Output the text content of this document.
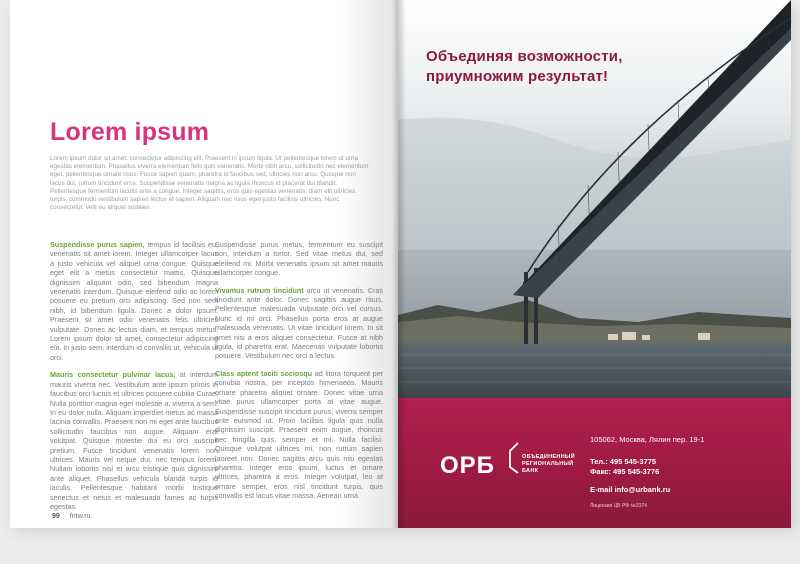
Lorem ipsum
Lorem ipsum dolor sit amet, consectetur adipiscing elit. Praesent in ipsum ligula. Ut pellentesque lorem ut urna egestas elementum. Phasellus viverra elementum felis quis venenatis. Morbi nibh arcu, sollicitudin nec elementum eget, pellentesque ornare risus. Fusce sapien quam, pharetra id faucibus sed, ultricies non arcu. Quisque non lacus dui, rutrum tincidunt eros. Suspendisse venenatis magna ac ligula rhoncus id placerat dui blandit. Pellentesque fermentum iaculis ante a congue. Integer sagittis, eros quis egestas venenatis, diam elit ultricies turpis, commodo vestibulum sapien lectus et sapien. Aliquam nec risus eget justo facilisis ultricies. Nunc consectetur, velit eu aliquet sodales.

Suspendisse purus sapien, tempus id facilisis eu, venenatis sit amet lorem. Integer ullamcorper lacus a justo vehicula vel aliquet urna congue. Quisque eget elit a metus consectetur mattis. Quisque dignissim aliquam odio, sed bibendum magna venenatis interdum. Quisque eleifend odio ac lorem posuere eu pretium orci adipiscing. Sed non sem nibh, id bibendum ligula. Donec a dolor ipsum. Praesent sit amet odio venenatis felis ultricies vulputate. Donec ac lectus diam, et tempus metus. Lorem ipsum dolor sit amet, consectetur adipiscing elit. In justo sem, interdum id convallis ut, vehicula ut orci.

Mauris consectetur pulvinar lacus, at interdum mauris viverra nec. Vestibulum ante ipsum primis in faucibus orci luctus et ultrices posuere cubilia Curae; Nulla porttitor magna eget molestie a, viverra a sem. In eu dolor nulla. Aliquam imperdiet metus ac massa lacinia convallis. Praesent non mi eget ante faucibus sollicitudin faucibus non augue. Aliquam erat volutpat. Quisque molestie dui eu orci suscipit pretium. Fusce tincidunt venenatis lorem non ultrices. Mauris vel neque dui, nec tempus lorem. Nullam lobortis nisl et arcu tristique quis dignissim ante aliquet. Phasellus vehicula blandit turpis id iaculis. Pellentesque habitant morbi tristique senectus et netus et malesuada fames ac turpis egestas.

Suspendisse purus metus, fermentum eu suscipit non, interdum a tortor. Sed vitae metus dui, sed eleifend mi. Morbi venenatis ipsum sit amet mauris ullamcorper congue.

Vivamus rutrum tincidunt arcu ut venenatis. Cras tincidunt ante dolor. Donec sagittis augue risus. Pellentesque malesuada vulputate orci vel cursus. Nunc id mi orci. Phasellus porta eros at augue malesuada venenatis. Ut vitae tincidunt lorem. In sit amet nisi a eros aliquet consectetur. Fusce at nibh ligula, id pharetra erat. Maecenas vulputate lobortis posuere. Vestibulum nec orci a lectus.

Class aptent taciti sociosqu ad litora torquent per conubia nostra, per inceptos himenaeos. Mauris ornare pharetra aliquet ornare. Donec vitae urna vitae purus ullamcorper porta at vitae augue. Suspendisse suscipit tincidunt purus, viverra semper ante euismod ut. Proin facilisis ligula quis nulla dignissim suscipit. Praesent enim augue, rhoncus nec fringilla quis, semper et mi. Nulla facilisi. Quisque volutpat ultrices mi, non rutrum sapien laoreet non. Donec sagittis arcu quis nisi egestas pharetra. Integer eros ipsum, luctus et ornare ultrices, pharetra a eros. Integer volutpat, leo at ornare semper, eros nisl tincidunt turpis, quis convallis est lacus vitae massa. Aenean urna

99 fntw.ru
Объединяя возможности,
приумножим результат!
ОРБ	ОБЪЕДИНЕННЫЙ
РЕГИОНАЛЬНЫЙ
БАНК
105062, Москва, Лялин пер. 19-1
Тел.: 495 545-3775
Факс: 495 545-3776
E-mail info@urbank.ru
Лицензия ЦБ РФ №3374
